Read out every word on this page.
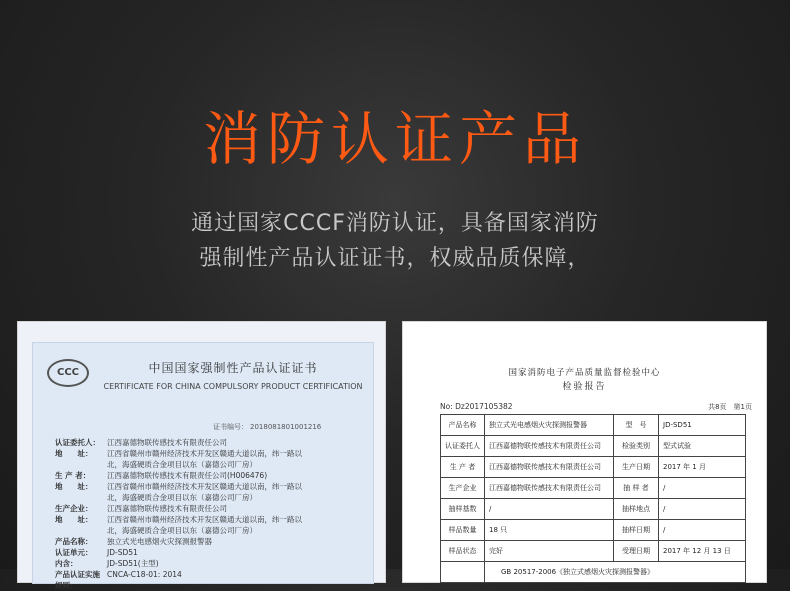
消防认证产品
通过国家CCCF消防认证，具备国家消防
强制性产品认证证书，权威品质保障，
CCC	中国国家强制性产品认证证书
CERTIFICATE FOR CHINA COMPULSORY PRODUCT CERTIFICATION
证书编号： 2018081801001216
认证委托人： 江西嘉德物联传感技术有限责任公司
地　　址：	江西省赣州市赣州经济技术开发区赣通大道以南，纬一路以
北，海盛硬质合金项目以东（嘉德公司厂房）
生 产 者：	江西嘉德物联传感技术有限责任公司(H006476)
地　　址：	江西省赣州市赣州经济技术开发区赣通大道以南，纬一路以
北，海盛硬质合金项目以东（嘉德公司厂房）
生产企业：	江西嘉德物联传感技术有限责任公司
地　　址：	江西省赣州市赣州经济技术开发区赣通大道以南，纬一路以
北，海盛硬质合金项目以东（嘉德公司厂房）
产品名称：	独立式光电感烟火灾探测报警器
认证单元：	JD-SD51
内含：	JD-SD51(主型)
产品认证实施规则：
CNCA-C18-01: 2014
国家消防电子产品质量监督检验中心
检验报告
No: Dz2017105382	共8页　第1页
产品名称	独立式光电感烟火灾探测报警器	型　号	JD-SD51
认证委托人	江西嘉德物联传感技术有限责任公司	检验类别	型式试验
生 产 者	江西嘉德物联传感技术有限责任公司	生产日期	2017 年 1 月
生产企业	江西嘉德物联传感技术有限责任公司	抽 样 者	/
抽样基数	/	抽样地点	/
样品数量	18 只	抽样日期	/
样品状态	完好	受理日期	2017 年 12 月 13 日
	GB 20517-2006《独立式感烟火灾探测报警器》		
